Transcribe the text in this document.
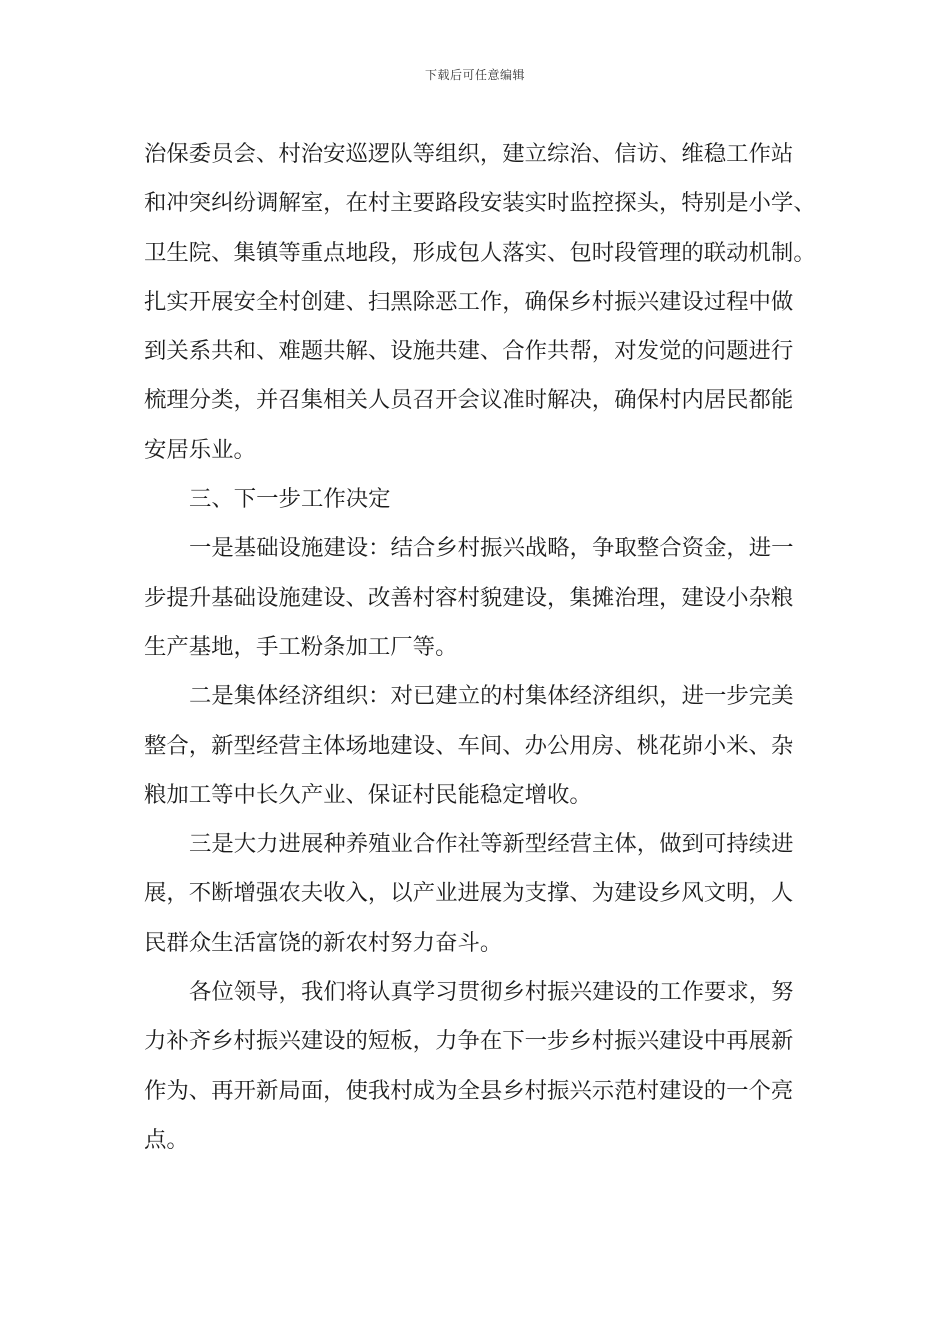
下载后可任意编辑
治保委员会、村治安巡逻队等组织，建立综治、信访、维稳工作站
和冲突纠纷调解室，在村主要路段安装实时监控探头，特别是小学、
卫生院、集镇等重点地段，形成包人落实、包时段管理的联动机制。
扎实开展安全村创建、扫黑除恶工作，确保乡村振兴建设过程中做
到关系共和、难题共解、设施共建、合作共帮，对发觉的问题进行
梳理分类，并召集相关人员召开会议准时解决，确保村内居民都能
安居乐业。
三、下一步工作决定
一是基础设施建设：结合乡村振兴战略，争取整合资金，进一
步提升基础设施建设、改善村容村貌建设，集摊治理，建设小杂粮
生产基地，手工粉条加工厂等。
二是集体经济组织：对已建立的村集体经济组织，进一步完美
整合，新型经营主体场地建设、车间、办公用房、桃花峁小米、杂
粮加工等中长久产业、保证村民能稳定增收。
三是大力进展种养殖业合作社等新型经营主体，做到可持续进
展，不断增强农夫收入，以产业进展为支撑、为建设乡风文明，人
民群众生活富饶的新农村努力奋斗。
各位领导，我们将认真学习贯彻乡村振兴建设的工作要求，努
力补齐乡村振兴建设的短板，力争在下一步乡村振兴建设中再展新
作为、再开新局面，使我村成为全县乡村振兴示范村建设的一个亮
点。
